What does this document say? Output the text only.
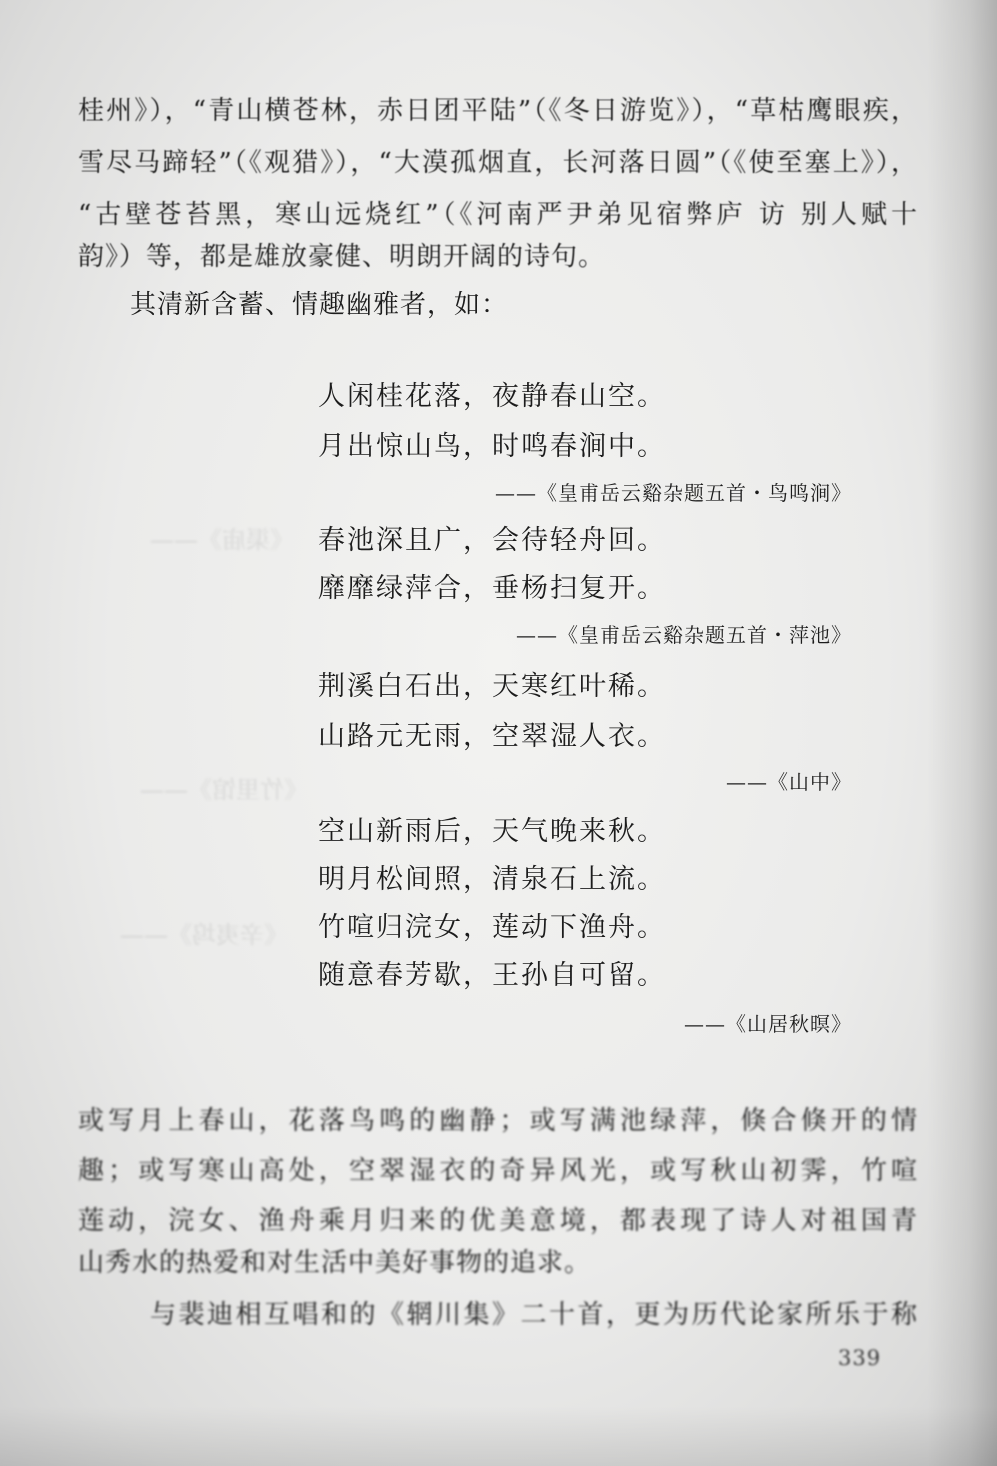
《渠庙》——
《竹里馆》——
《辛夷坞》——
桂州》），“青山横苍林，赤日团平陆”（《冬日游览》），“草枯鹰眼疾，
雪尽马蹄轻”（《观猎》），“大漠孤烟直，长河落日圆”（《使至塞上》），
“古壁苍苔黑，寒山远烧红”（《河南严尹弟见宿弊庐 访 别人赋十
韵》）等，都是雄放豪健、明朗开阔的诗句。
其清新含蓄、情趣幽雅者，如：
人闲桂花落，夜静春山空。
月出惊山鸟，时鸣春涧中。
——《皇甫岳云谿杂题五首・鸟鸣涧》
春池深且广，会待轻舟回。
靡靡绿萍合，垂杨扫复开。
——《皇甫岳云谿杂题五首・萍池》
荆溪白石出，天寒红叶稀。
山路元无雨，空翠湿人衣。
——《山中》
空山新雨后，天气晚来秋。
明月松间照，清泉石上流。
竹喧归浣女，莲动下渔舟。
随意春芳歇，王孙自可留。
——《山居秋暝》
或写月上春山，花落鸟鸣的幽静；或写满池绿萍，倏合倏开的情
趣；或写寒山高处，空翠湿衣的奇异风光，或写秋山初霁，竹喧
莲动，浣女、渔舟乘月归来的优美意境，都表现了诗人对祖国青
山秀水的热爱和对生活中美好事物的追求。
与裴迪相互唱和的《辋川集》二十首，更为历代论家所乐于称
339
